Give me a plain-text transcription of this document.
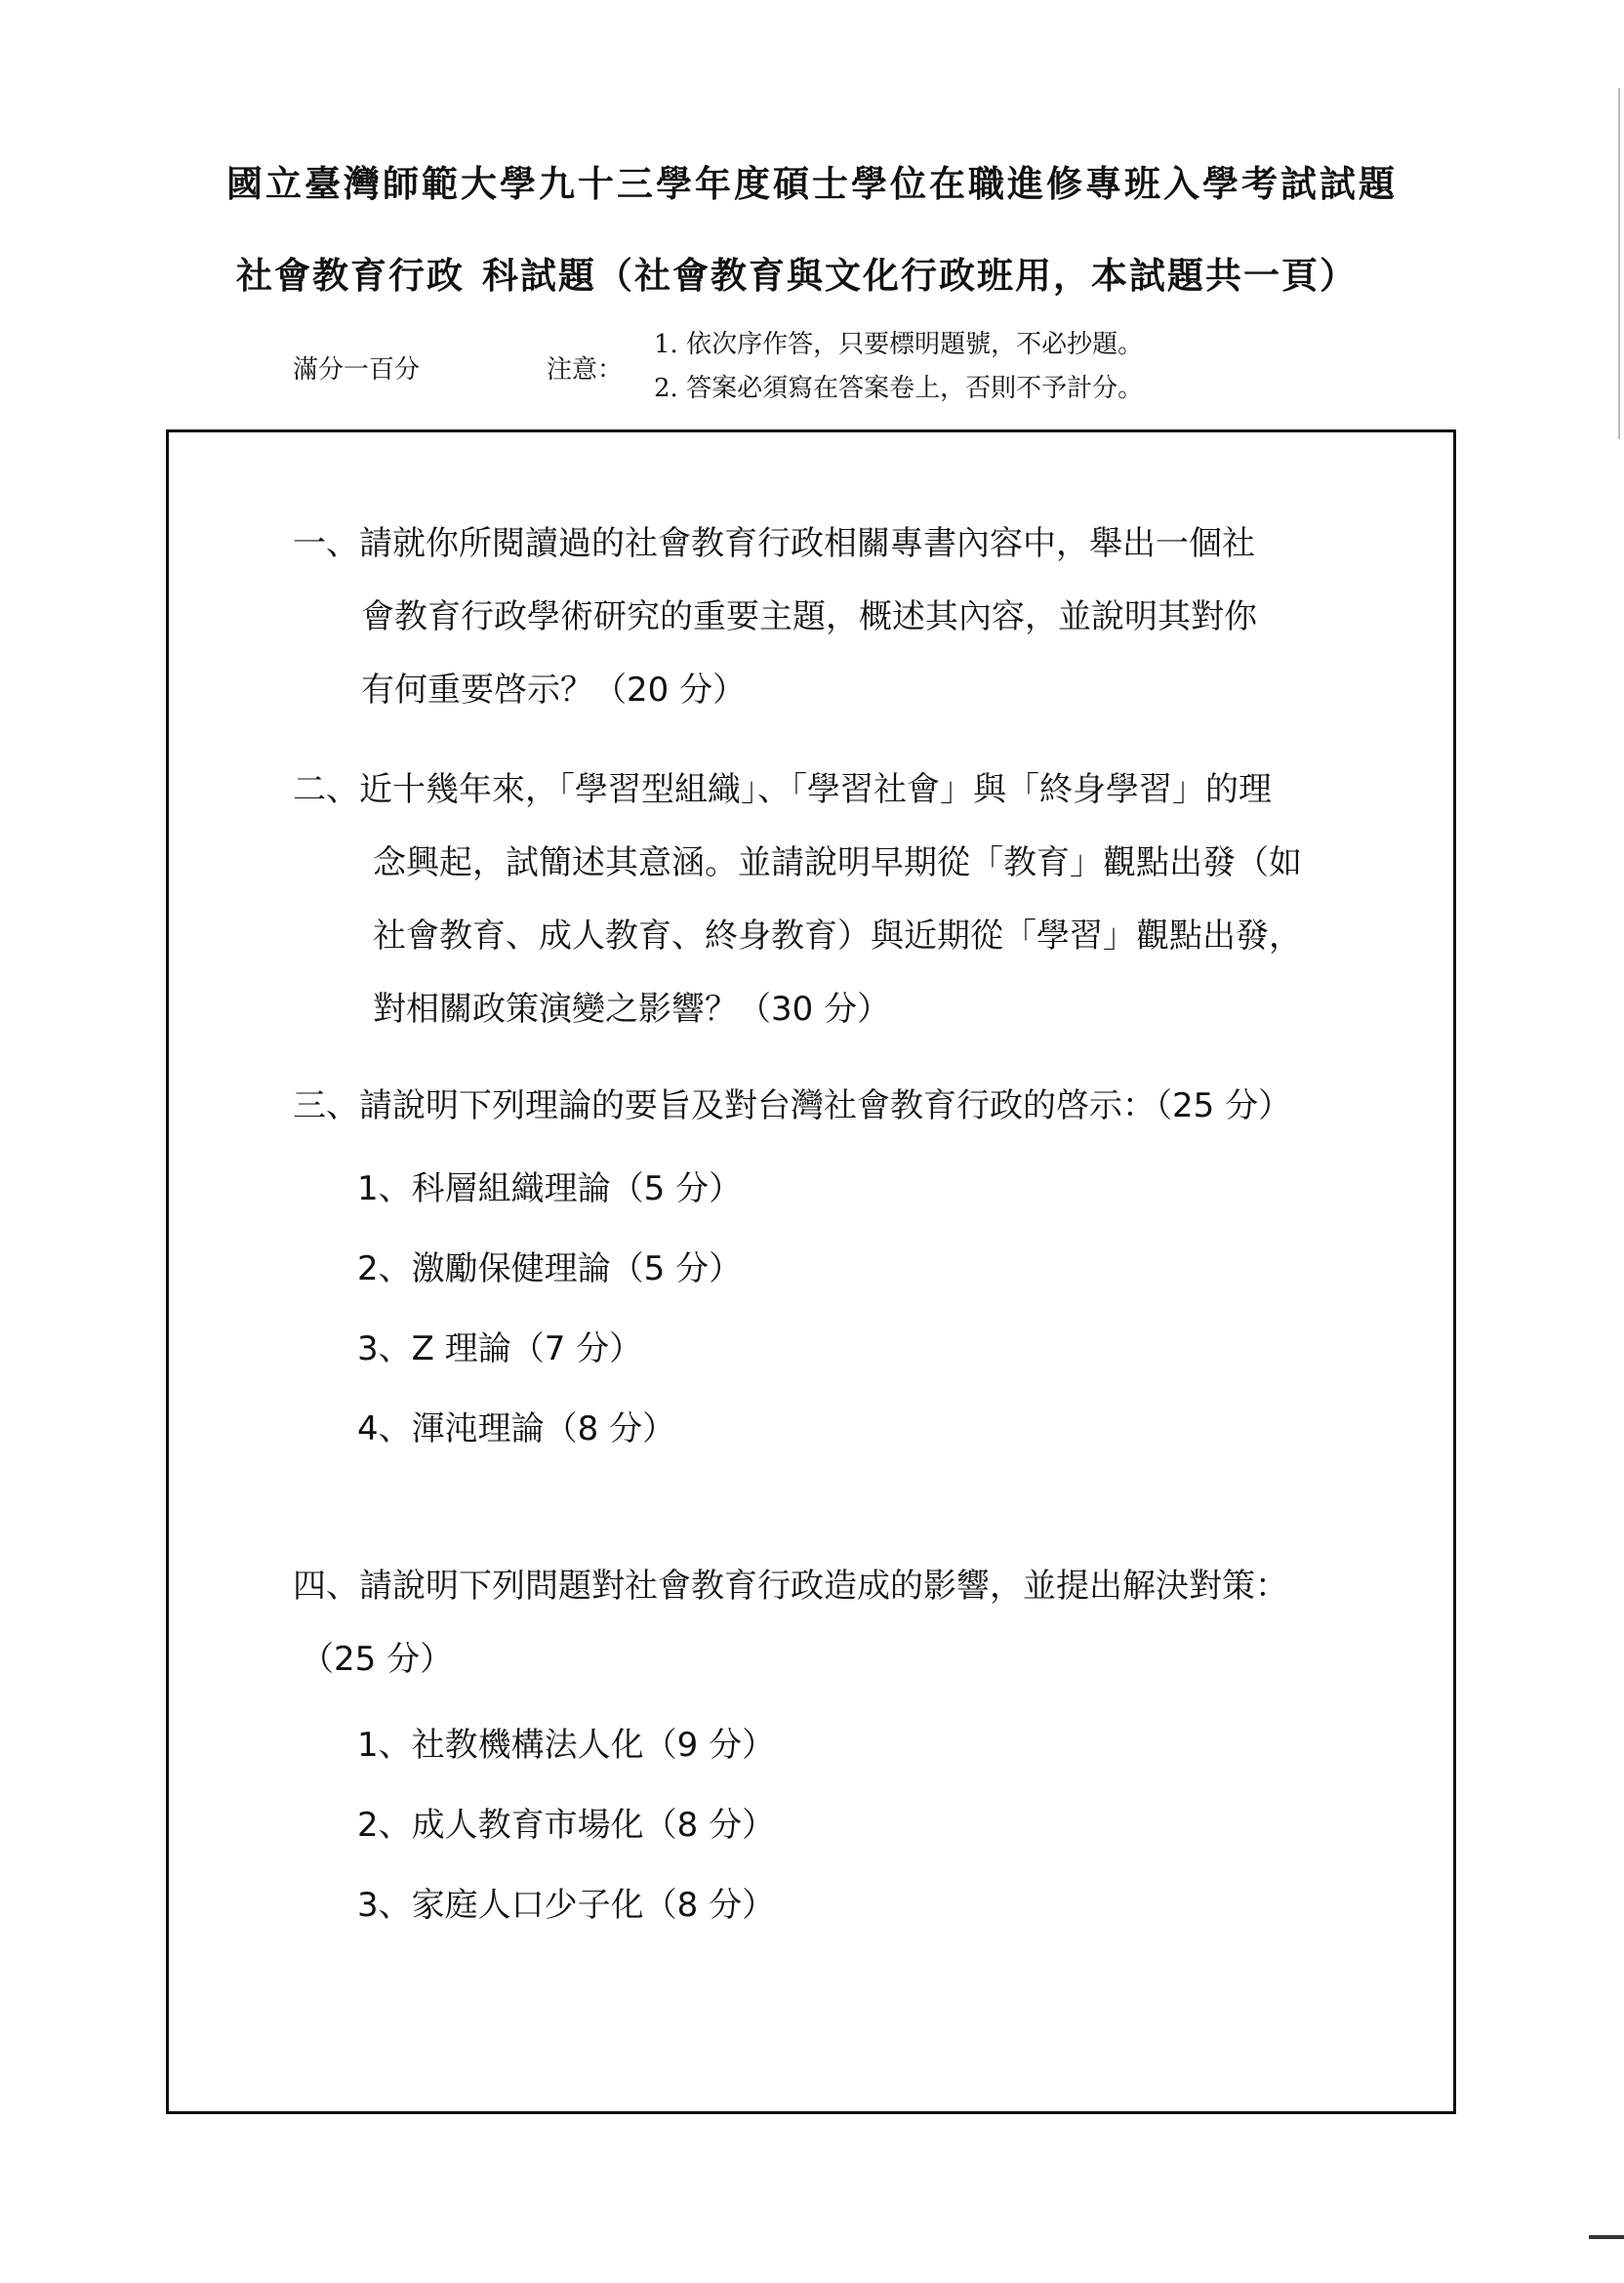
國立臺灣師範大學九十三學年度碩士學位在職進修專班入學考試試題
社會教育行政 科試題（社會教育與文化行政班用，本試題共一頁）
滿分一百分	注意：
1. 依次序作答，只要標明題號，不必抄題。
2. 答案必須寫在答案卷上，否則不予計分。

一、請就你所閱讀過的社會教育行政相關專書內容中，舉出一個社
會教育行政學術研究的重要主題，概述其內容，並說明其對你
有何重要啓示？（20 分）

二、近十幾年來，「學習型組織」、「學習社會」與「終身學習」的理
念興起，試簡述其意涵。並請說明早期從「教育」觀點出發（如
社會教育、成人教育、終身教育）與近期從「學習」觀點出發，
對相關政策演變之影響？（30 分）

三、請說明下列理論的要旨及對台灣社會教育行政的啓示：（25 分）

1、科層組織理論（5 分）

2、激勵保健理論（5 分）

3、Z 理論（7 分）

4、渾沌理論（8 分）

四、請說明下列問題對社會教育行政造成的影響，並提出解決對策：
（25 分）

1、社教機構法人化（9 分）

2、成人教育市場化（8 分）

3、家庭人口少子化（8 分）
